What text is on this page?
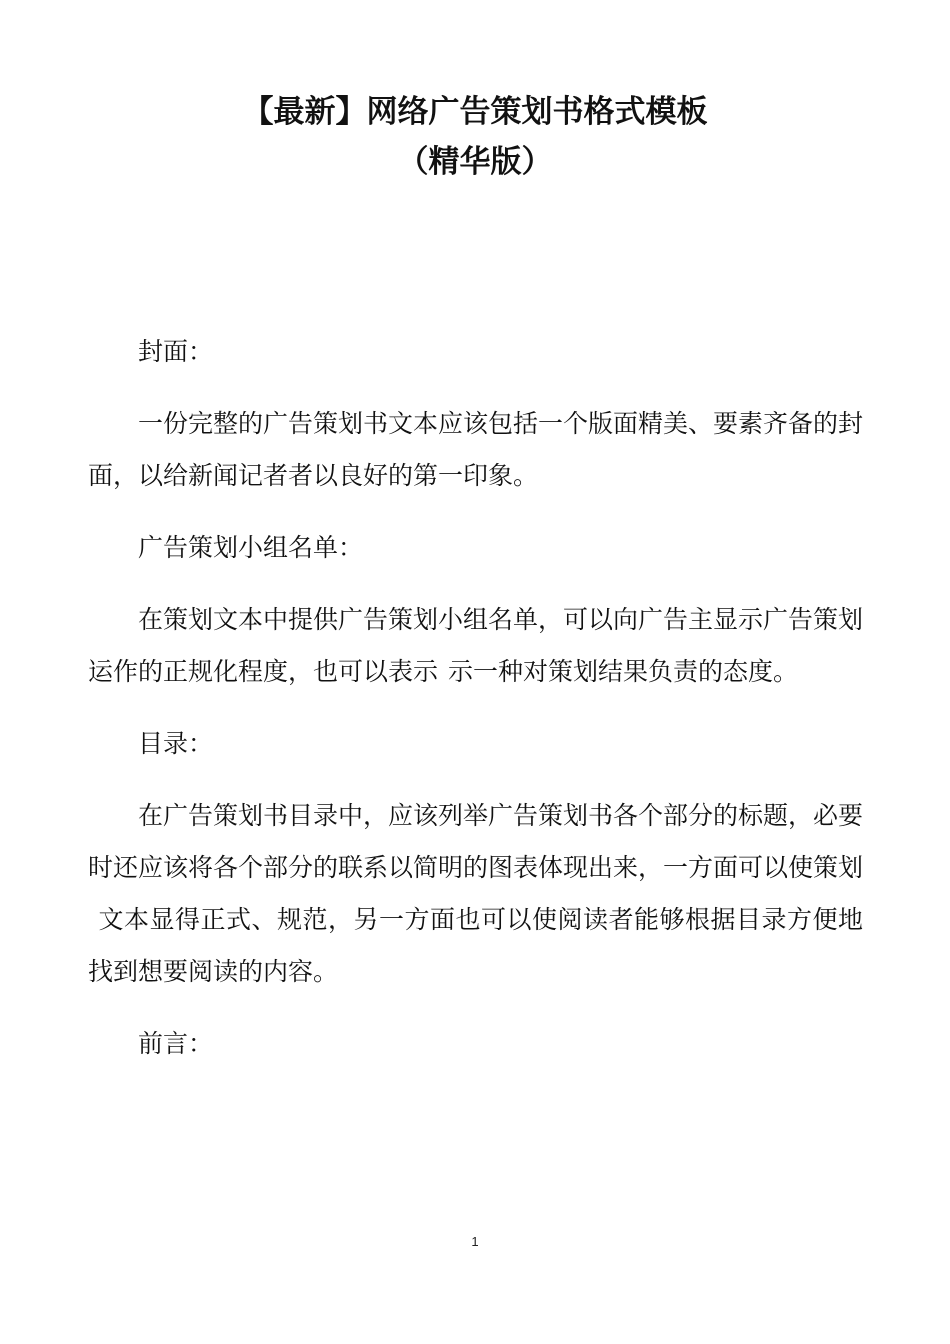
【最新】网络广告策划书格式模板
（精华版）

封面：

一份完整的广告策划书文本应该包括一个版面精美、要素齐备的封面，以给新闻记者者以良好的第一印象。

广告策划小组名单：

在策划文本中提供广告策划小组名单，可以向广告主显示广告策划运作的正规化程度，也可以表示 示一种对策划结果负责的态度。

目录：

在广告策划书目录中，应该列举广告策划书各个部分的标题，必要时还应该将各个部分的联系以简明的图表体现出来，一方面可以使策划文本显得正式、规范，另一方面也可以使阅读者能够根据目录方便地找到想要阅读的内容。

前言：

1
